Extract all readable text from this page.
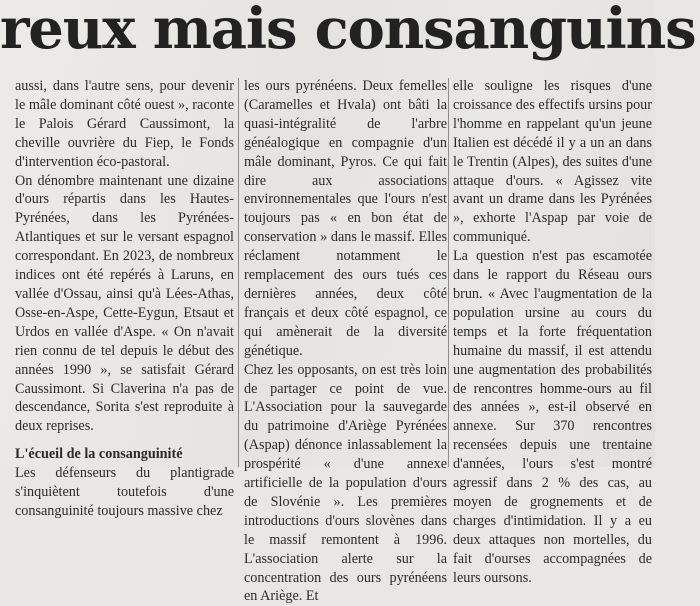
reux mais consanguins

aussi, dans l'autre sens, pour devenir le mâle dominant côté ouest », raconte le Palois Gérard Caussimont, la cheville ouvrière du Fiep, le Fonds d'intervention éco-pastoral.

On dénombre maintenant une dizaine d'ours répartis dans les Hautes-Pyrénées, dans les Pyrénées-Atlantiques et sur le versant espagnol correspondant. En 2023, de nombreux indices ont été repérés à Laruns, en vallée d'Ossau, ainsi qu'à Lées-Athas, Osse-en-Aspe, Cette-Eygun, Etsaut et Urdos en vallée d'Aspe. « On n'avait rien connu de tel depuis le début des années 1990 », se satisfait Gérard Caussimont. Si Claverina n'a pas de descendance, Sorita s'est reproduite à deux reprises.

L'écueil de la consanguinité

Les défenseurs du plantigrade s'inquiètent toutefois d'une consanguinité toujours massive chez

les ours pyrénéens. Deux femelles (Caramelles et Hvala) ont bâti la quasi-intégralité de l'arbre généalogique en compagnie d'un mâle dominant, Pyros. Ce qui fait dire aux associations environnementales que l'ours n'est toujours pas « en bon état de conservation » dans le massif. Elles réclament notamment le remplacement des ours tués ces dernières années, deux côté français et deux côté espagnol, ce qui amènerait de la diversité génétique.

Chez les opposants, on est très loin de partager ce point de vue. L'Association pour la sauvegarde du patrimoine d'Ariège Pyrénées (Aspap) dénonce inlassablement la prospérité « d'une annexe artificielle de la population d'ours de Slovénie ». Les premières introductions d'ours slovènes dans le massif remontent à 1996. L'association alerte sur la concentration des ours pyrénéens en Ariège. Et

elle souligne les risques d'une croissance des effectifs ursins pour l'homme en rappelant qu'un jeune Italien est décédé il y a un an dans le Trentin (Alpes), des suites d'une attaque d'ours. « Agissez vite avant un drame dans les Pyrénées », exhorte l'Aspap par voie de communiqué.

La question n'est pas escamotée dans le rapport du Réseau ours brun. « Avec l'augmentation de la population ursine au cours du temps et la forte fréquentation humaine du massif, il est attendu une augmentation des probabilités de rencontres homme-ours au fil des années », est-il observé en annexe. Sur 370 rencontres recensées depuis une trentaine d'années, l'ours s'est montré agressif dans 2 % des cas, au moyen de grognements et de charges d'intimidation. Il y a eu deux attaques non mortelles, du fait d'ourses accompagnées de leurs oursons.
